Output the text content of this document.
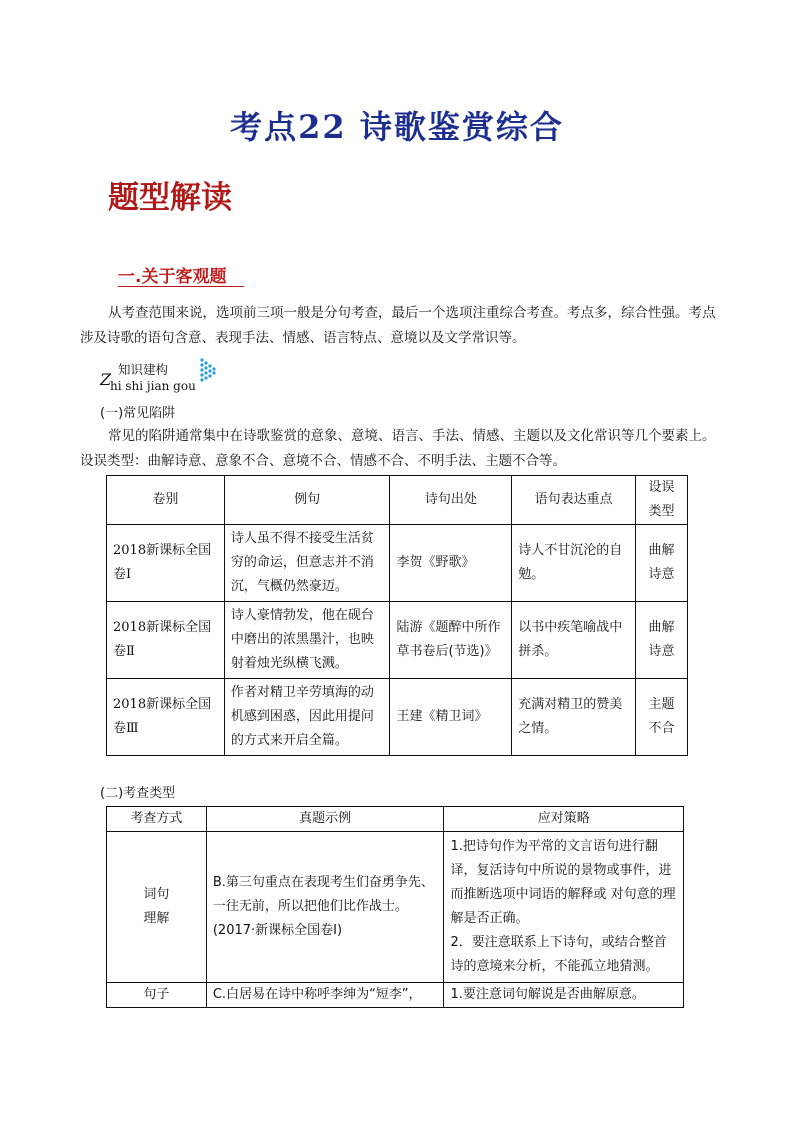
考点22 诗歌鉴赏综合
题型解读
一.关于客观题
从考查范围来说，选项前三项一般是分句考查，最后一个选项注重综合考查。考点多，综合性强。考点涉及诗歌的语句含意、表现手法、情感、语言特点、意境以及文学常识等。
Z
知识建构
hi shi jian gou
(一)常见陷阱
常见的陷阱通常集中在诗歌鉴赏的意象、意境、语言、手法、情感、主题以及文化常识等几个要素上。设误类型：曲解诗意、意象不合、意境不合、情感不合、不明手法、主题不合等。
卷别	例句	诗句出处	语句表达重点	设误类型
2018新课标全国卷Ⅰ	诗人虽不得不接受生活贫穷的命运，但意志并不消沉，气概仍然豪迈。	李贺《野歌》	诗人不甘沉沦的自勉。	曲解诗意
2018新课标全国卷Ⅱ	诗人豪情勃发，他在砚台中磨出的浓黑墨汁，也映射着烛光纵横飞溅。	陆游《题醉中所作草书卷后(节选)》	以书中疾笔喻战中拼杀。	曲解诗意
2018新课标全国卷Ⅲ	作者对精卫辛劳填海的动机感到困惑，因此用提问的方式来开启全篇。	王建《精卫词》	充满对精卫的赞美之情。	主题不合
(二)考查类型
考查方式	真题示例	应对策略
词句理解	B.第三句重点在表现考生们奋勇争先、一往无前，所以把他们比作战士。(2017·新课标全国卷Ⅰ)	1.把诗句作为平常的文言语句进行翻译，复活诗句中所说的景物或事件，进而推断选项中词语的解释或 对句意的理解是否正确。
2．要注意联系上下诗句，或结合整首诗的意境来分析，不能孤立地猜测。

句子	C.白居易在诗中称呼李绅为“短李”，	1.要注意词句解说是否曲解原意。
